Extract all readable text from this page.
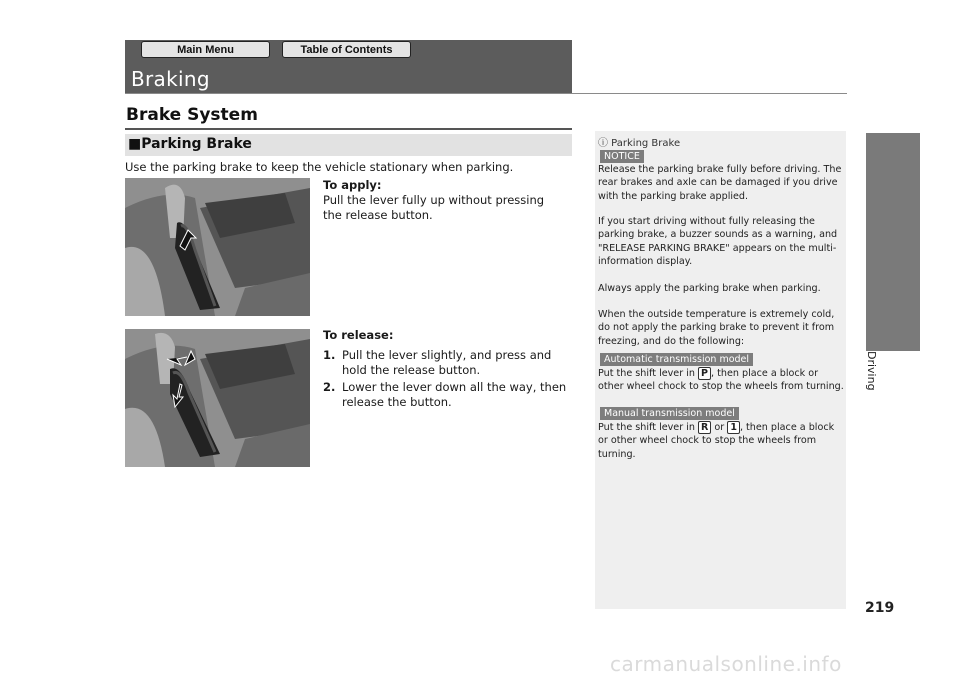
Main Menu	Table of Contents
Braking
Brake System
■Parking Brake
Use the parking brake to keep the vehicle stationary when parking.
To apply:
Pull the lever fully up without pressing the release button.
To release:
1. Pull the lever slightly, and press and hold the release button.
2. Lower the lever down all the way, then release the button.
ⓘ Parking Brake
NOTICE
Release the parking brake fully before driving. The rear brakes and axle can be damaged if you drive with the parking brake applied.
If you start driving without fully releasing the parking brake, a buzzer sounds as a warning, and "RELEASE PARKING BRAKE" appears on the multi-information display.
Always apply the parking brake when parking.
When the outside temperature is extremely cold, do not apply the parking brake to prevent it from freezing, and do the following:
Automatic transmission model
Put the shift lever in P , then place a block or other wheel chock to stop the wheels from turning.
Manual transmission model
Put the shift lever in R or 1 , then place a block or other wheel chock to stop the wheels from turning.
Driving
219
carmanualsonline.info
